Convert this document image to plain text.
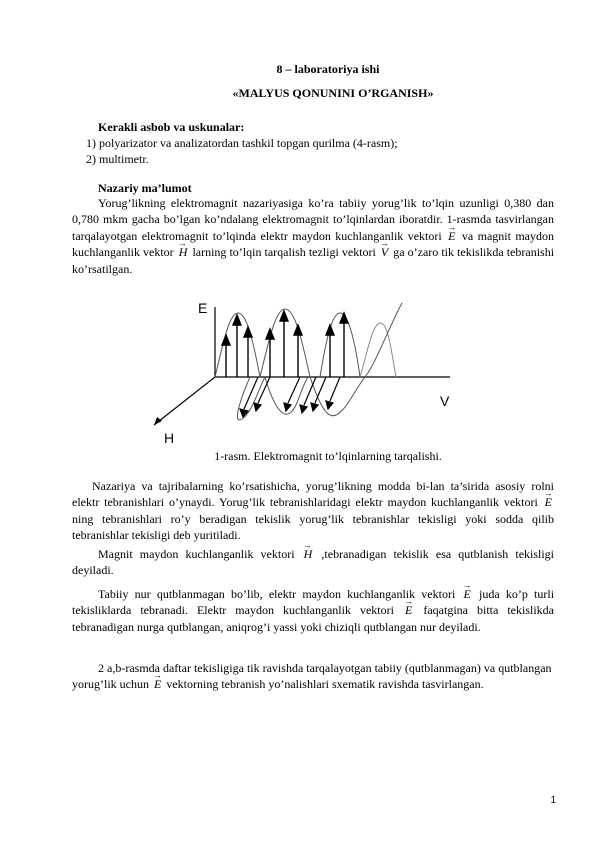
8 – laboratoriya ishi
«MALYUS QONUNINI O’RGANISH»
Kerakli asbob va uskunalar:
1) polyarizator va analizatordan tashkil topgan qurilma (4-rasm);
2) multimetr.
Nazariy ma’lumot
Yorug’likning elektromagnit nazariyasiga ko’ra tabiiy yorug’lik to’lqin uzunligi 0,380 dan 0,780 mkm gacha bo’lgan ko’ndalang elektromagnit to’lqinlardan iboratdir. 1-rasmda tasvirlangan tarqalayotgan elektromagnit to’lqinda elektr maydon kuchlanganlik vektori → E va magnit maydon kuchlanganlik vektor → H larning to’lqin tarqalish tezligi vektori → V ga o’zaro tik tekislikda tebranishi ko’rsatilgan.
E
V
H
1-rasm. Elektromagnit to’lqinlarning tarqalishi.
Nazariya va tajribalarning ko’rsatishicha, yorug’likning modda bi-lan ta’sirida asosiy rolni elektr tebranishlari o’ynaydi. Yorug’lik tebranishlaridagi elektr maydon kuchlanganlik vektori → E ning tebranishlari ro’y beradigan tekislik yorug’lik tebranishlar tekisligi yoki sodda qilib tebranishlar tekisligi deb yuritiladi.
Magnit maydon kuchlanganlik vektori → H ,tebranadigan tekislik esa qutblanish tekisligi deyiladi.
Tabiiy nur qutblanmagan bo’lib, elektr maydon kuchlanganlik vektori → E juda ko’p turli tekisliklarda tebranadi. Elektr maydon kuchlanganlik vektori → E faqatgina bitta tekislikda tebranadigan nurga qutblangan, aniqrog’i yassi yoki chiziqli qutblangan nur deyiladi.
2 a,b-rasmda daftar tekisligiga tik ravishda tarqalayotgan tabiiy (qutblanmagan) va qutblangan yorug’lik uchun → E vektorning tebranish yo’nalishlari sxematik ravishda tasvirlangan.
1
